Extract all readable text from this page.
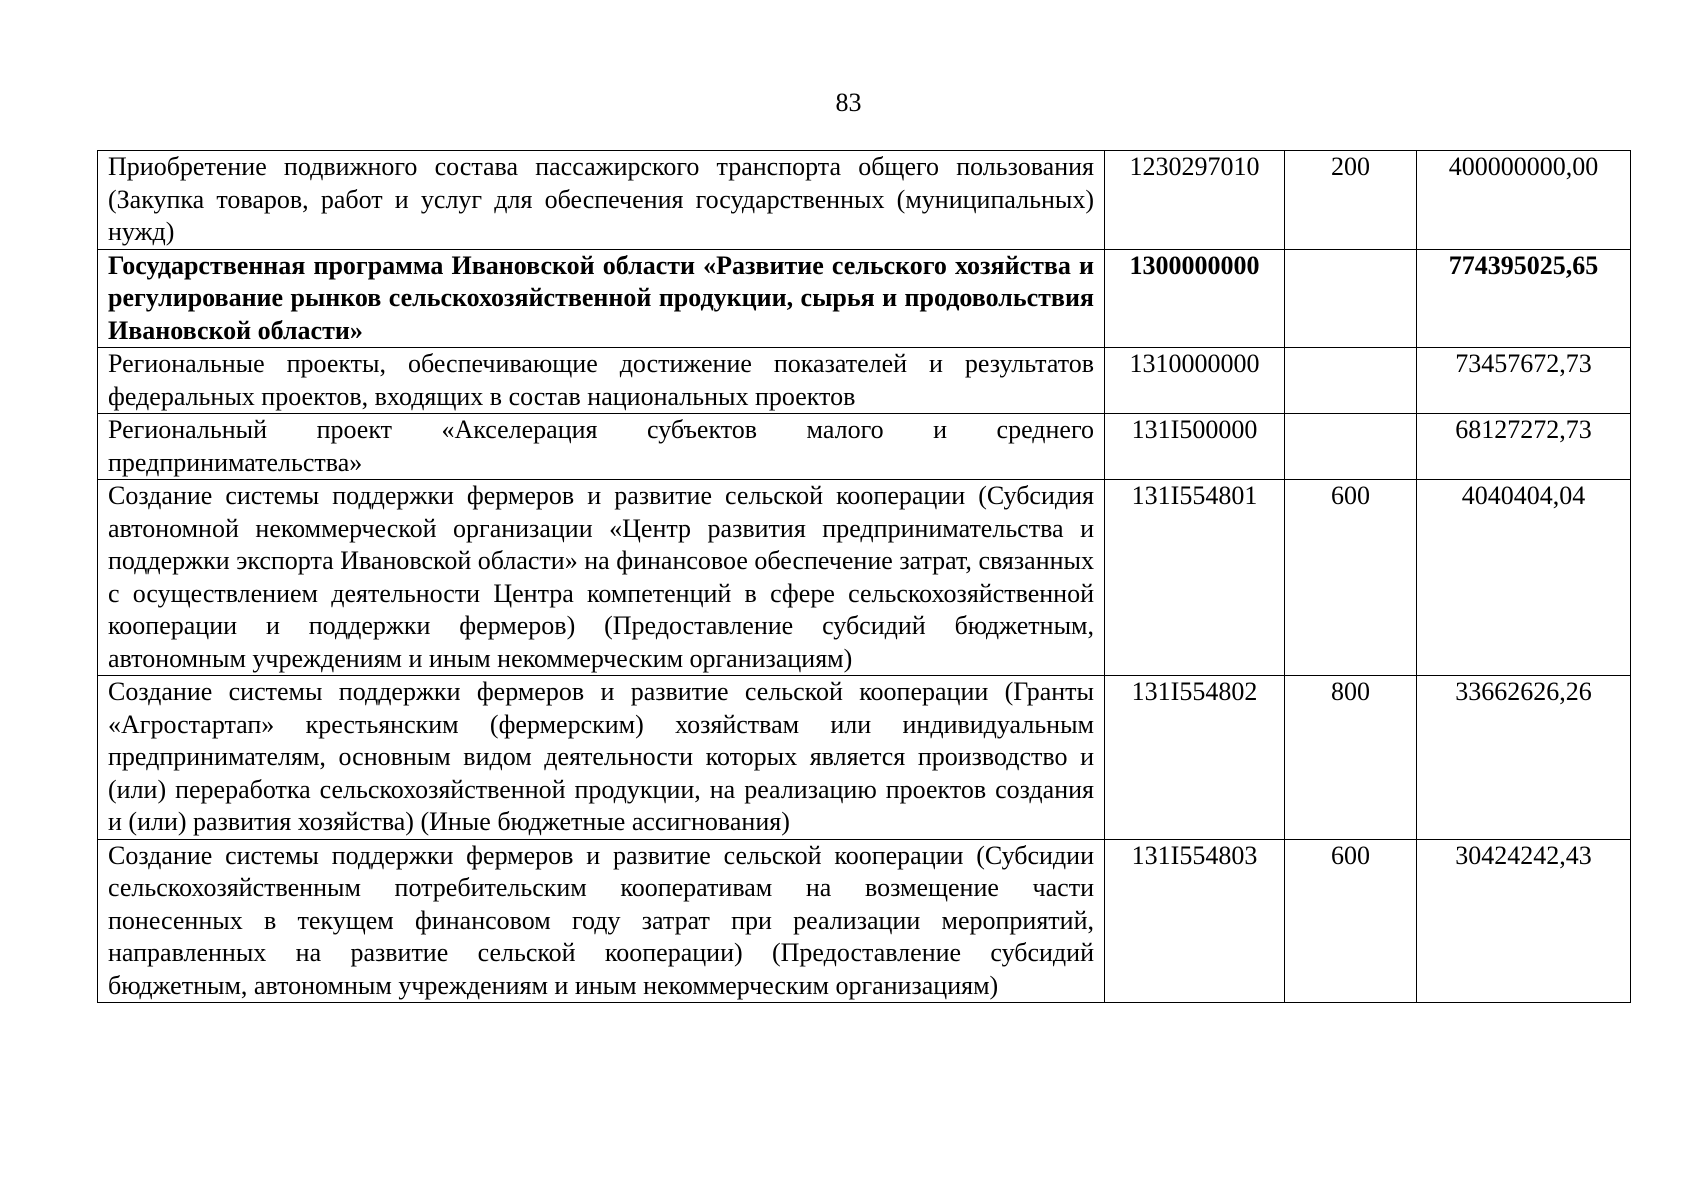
83
Приобретение подвижного состава пассажирского транспорта общего пользования (Закупка товаров, работ и услуг для обеспечения государственных (муниципальных) нужд)	1230297010	200	400000000,00
Государственная программа Ивановской области «Развитие сельского хозяйства и регулирование рынков сельскохозяйственной продукции, сырья и продовольствия Ивановской области»	1300000000		774395025,65
Региональные проекты, обеспечивающие достижение показателей и результатов федеральных проектов, входящих в состав национальных проектов	1310000000		73457672,73
Региональный проект «Акселерация субъектов малого и среднего предпринимательства»	131I500000		68127272,73
Создание системы поддержки фермеров и развитие сельской кооперации (Субсидия автономной некоммерческой организации «Центр развития предпринимательства и поддержки экспорта Ивановской области» на финансовое обеспечение затрат, связанных с осуществлением деятельности Центра компетенций в сфере сельскохозяйственной кооперации и поддержки фермеров) (Предоставление субсидий бюджетным, автономным учреждениям и иным некоммерческим организациям)	131I554801	600	4040404,04
Создание системы поддержки фермеров и развитие сельской кооперации (Гранты «Агростартап» крестьянским (фермерским) хозяйствам или индивидуальным предпринимателям, основным видом деятельности которых является производство и (или) переработка сельскохозяйственной продукции, на реализацию проектов создания и (или) развития хозяйства) (Иные бюджетные ассигнования)	131I554802	800	33662626,26
Создание системы поддержки фермеров и развитие сельской кооперации (Субсидии сельскохозяйственным потребительским кооперативам на возмещение части понесенных в текущем финансовом году затрат при реализации мероприятий, направленных на развитие сельской кооперации) (Предоставление субсидий бюджетным, автономным учреждениям и иным некоммерческим организациям)	131I554803	600	30424242,43
